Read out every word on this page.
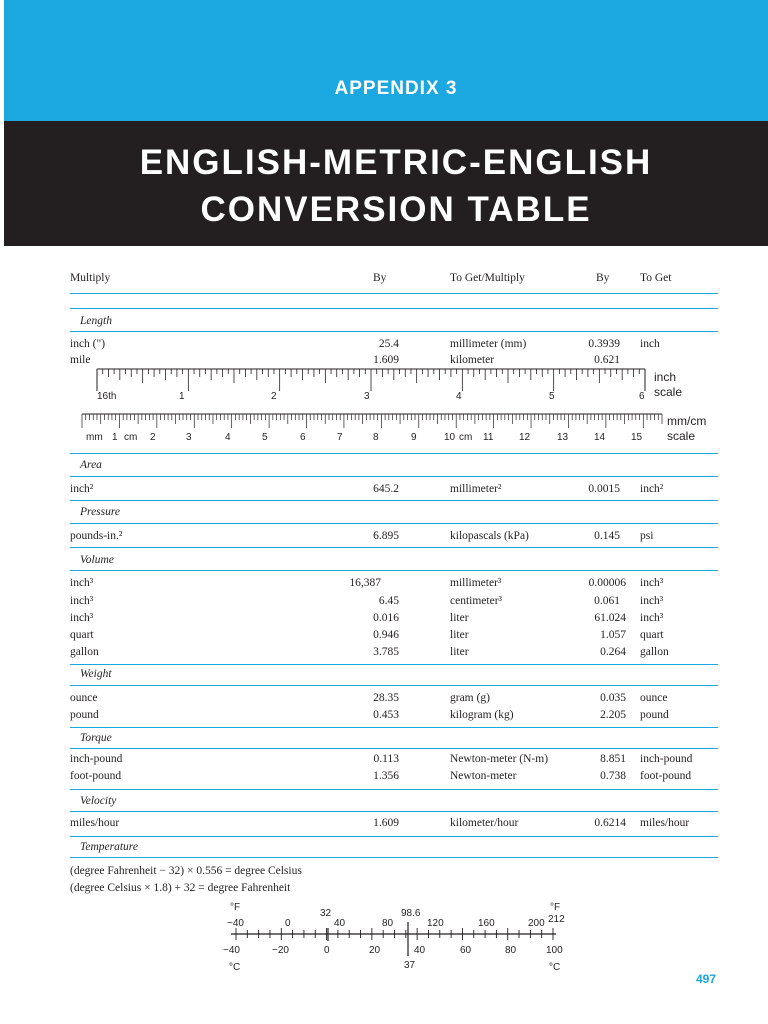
APPENDIX 3
ENGLISH-METRIC-ENGLISH
CONVERSION TABLE
Multiply	By	To Get/Multiply	By	To Get
Length
inch (")	25.4	millimeter (mm)	0.3939 inch
mile	1.609	kilometer	0.621
16th	1	2	3	4	5	6
inch
scale
mm 1 cm 2	3	4	5	6	7	8	9	10 cm 11	12	13	14	15
mm/cm
scale
Area
inch²	645.2	millimeter²	0.0015 inch²
Pressure
pounds-in.²	6.895	kilopascals (kPa)	0.145 psi
Volume
inch³	16,387	millimeter³	0.00006 inch³
inch³	6.45	centimeter³	0.061 inch³
inch³	0.016	liter	61.024 inch³
quart	0.946	liter	1.057 quart
gallon	3.785	liter	0.264 gallon
Weight
ounce	28.35	gram (g)	0.035 ounce
pound	0.453	kilogram (kg)	2.205 pound
Torque
inch-pound	0.113	Newton-meter (N-m)	8.851 inch-pound
foot-pound	1.356	Newton-meter	0.738 foot-pound
Velocity
miles/hour	1.609	kilometer/hour	0.6214 miles/hour
Temperature
(degree Fahrenheit − 32) × 0.556 = degree Celsius
(degree Celsius × 1.8) + 32 = degree Fahrenheit
°F	°F
−40	0
32
40	80
98.6
120	160	200 212
−40	−20	0	20	40
37
60	80	100
°C	°C
497
